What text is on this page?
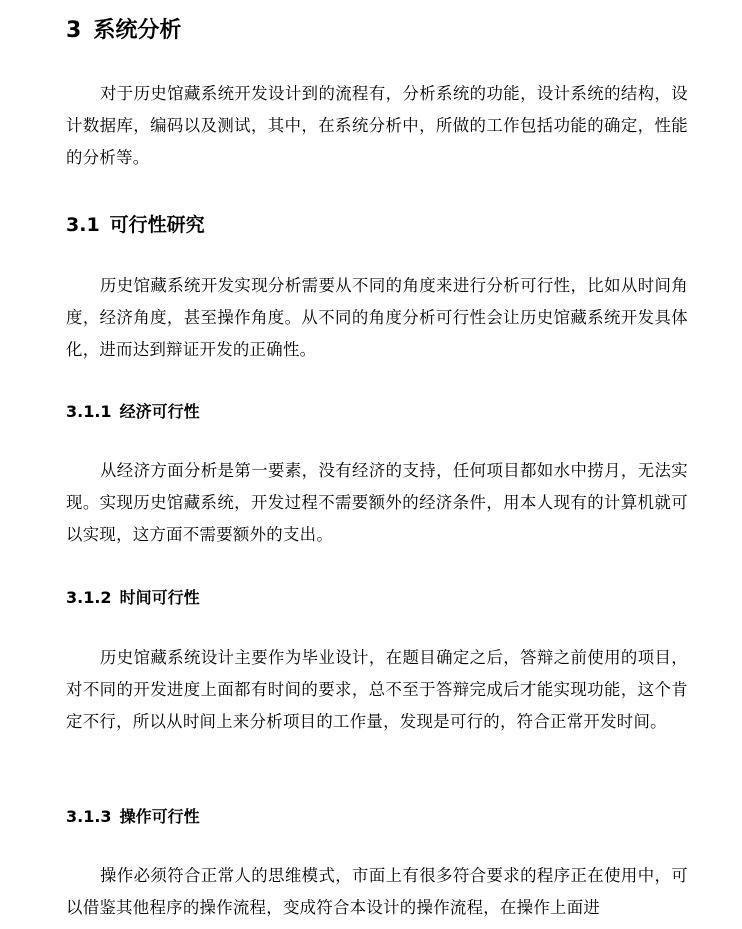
3 系统分析

对于历史馆藏系统开发设计到的流程有，分析系统的功能，设计系统的结构，设计数据库，编码以及测试，其中，在系统分析中，所做的工作包括功能的确定，性能的分析等。

3.1 可行性研究

历史馆藏系统开发实现分析需要从不同的角度来进行分析可行性，比如从时间角度，经济角度，甚至操作角度。从不同的角度分析可行性会让历史馆藏系统开发具体化，进而达到辩证开发的正确性。

3.1.1 经济可行性

从经济方面分析是第一要素，没有经济的支持，任何项目都如水中捞月，无法实现。实现历史馆藏系统，开发过程不需要额外的经济条件，用本人现有的计算机就可以实现，这方面不需要额外的支出。

3.1.2 时间可行性

历史馆藏系统设计主要作为毕业设计，在题目确定之后，答辩之前使用的项目，对不同的开发进度上面都有时间的要求，总不至于答辩完成后才能实现功能，这个肯定不行，所以从时间上来分析项目的工作量，发现是可行的，符合正常开发时间。

3.1.3 操作可行性

操作必须符合正常人的思维模式，市面上有很多符合要求的程序正在使用中，可以借鉴其他程序的操作流程，变成符合本设计的操作流程，在操作上面进
